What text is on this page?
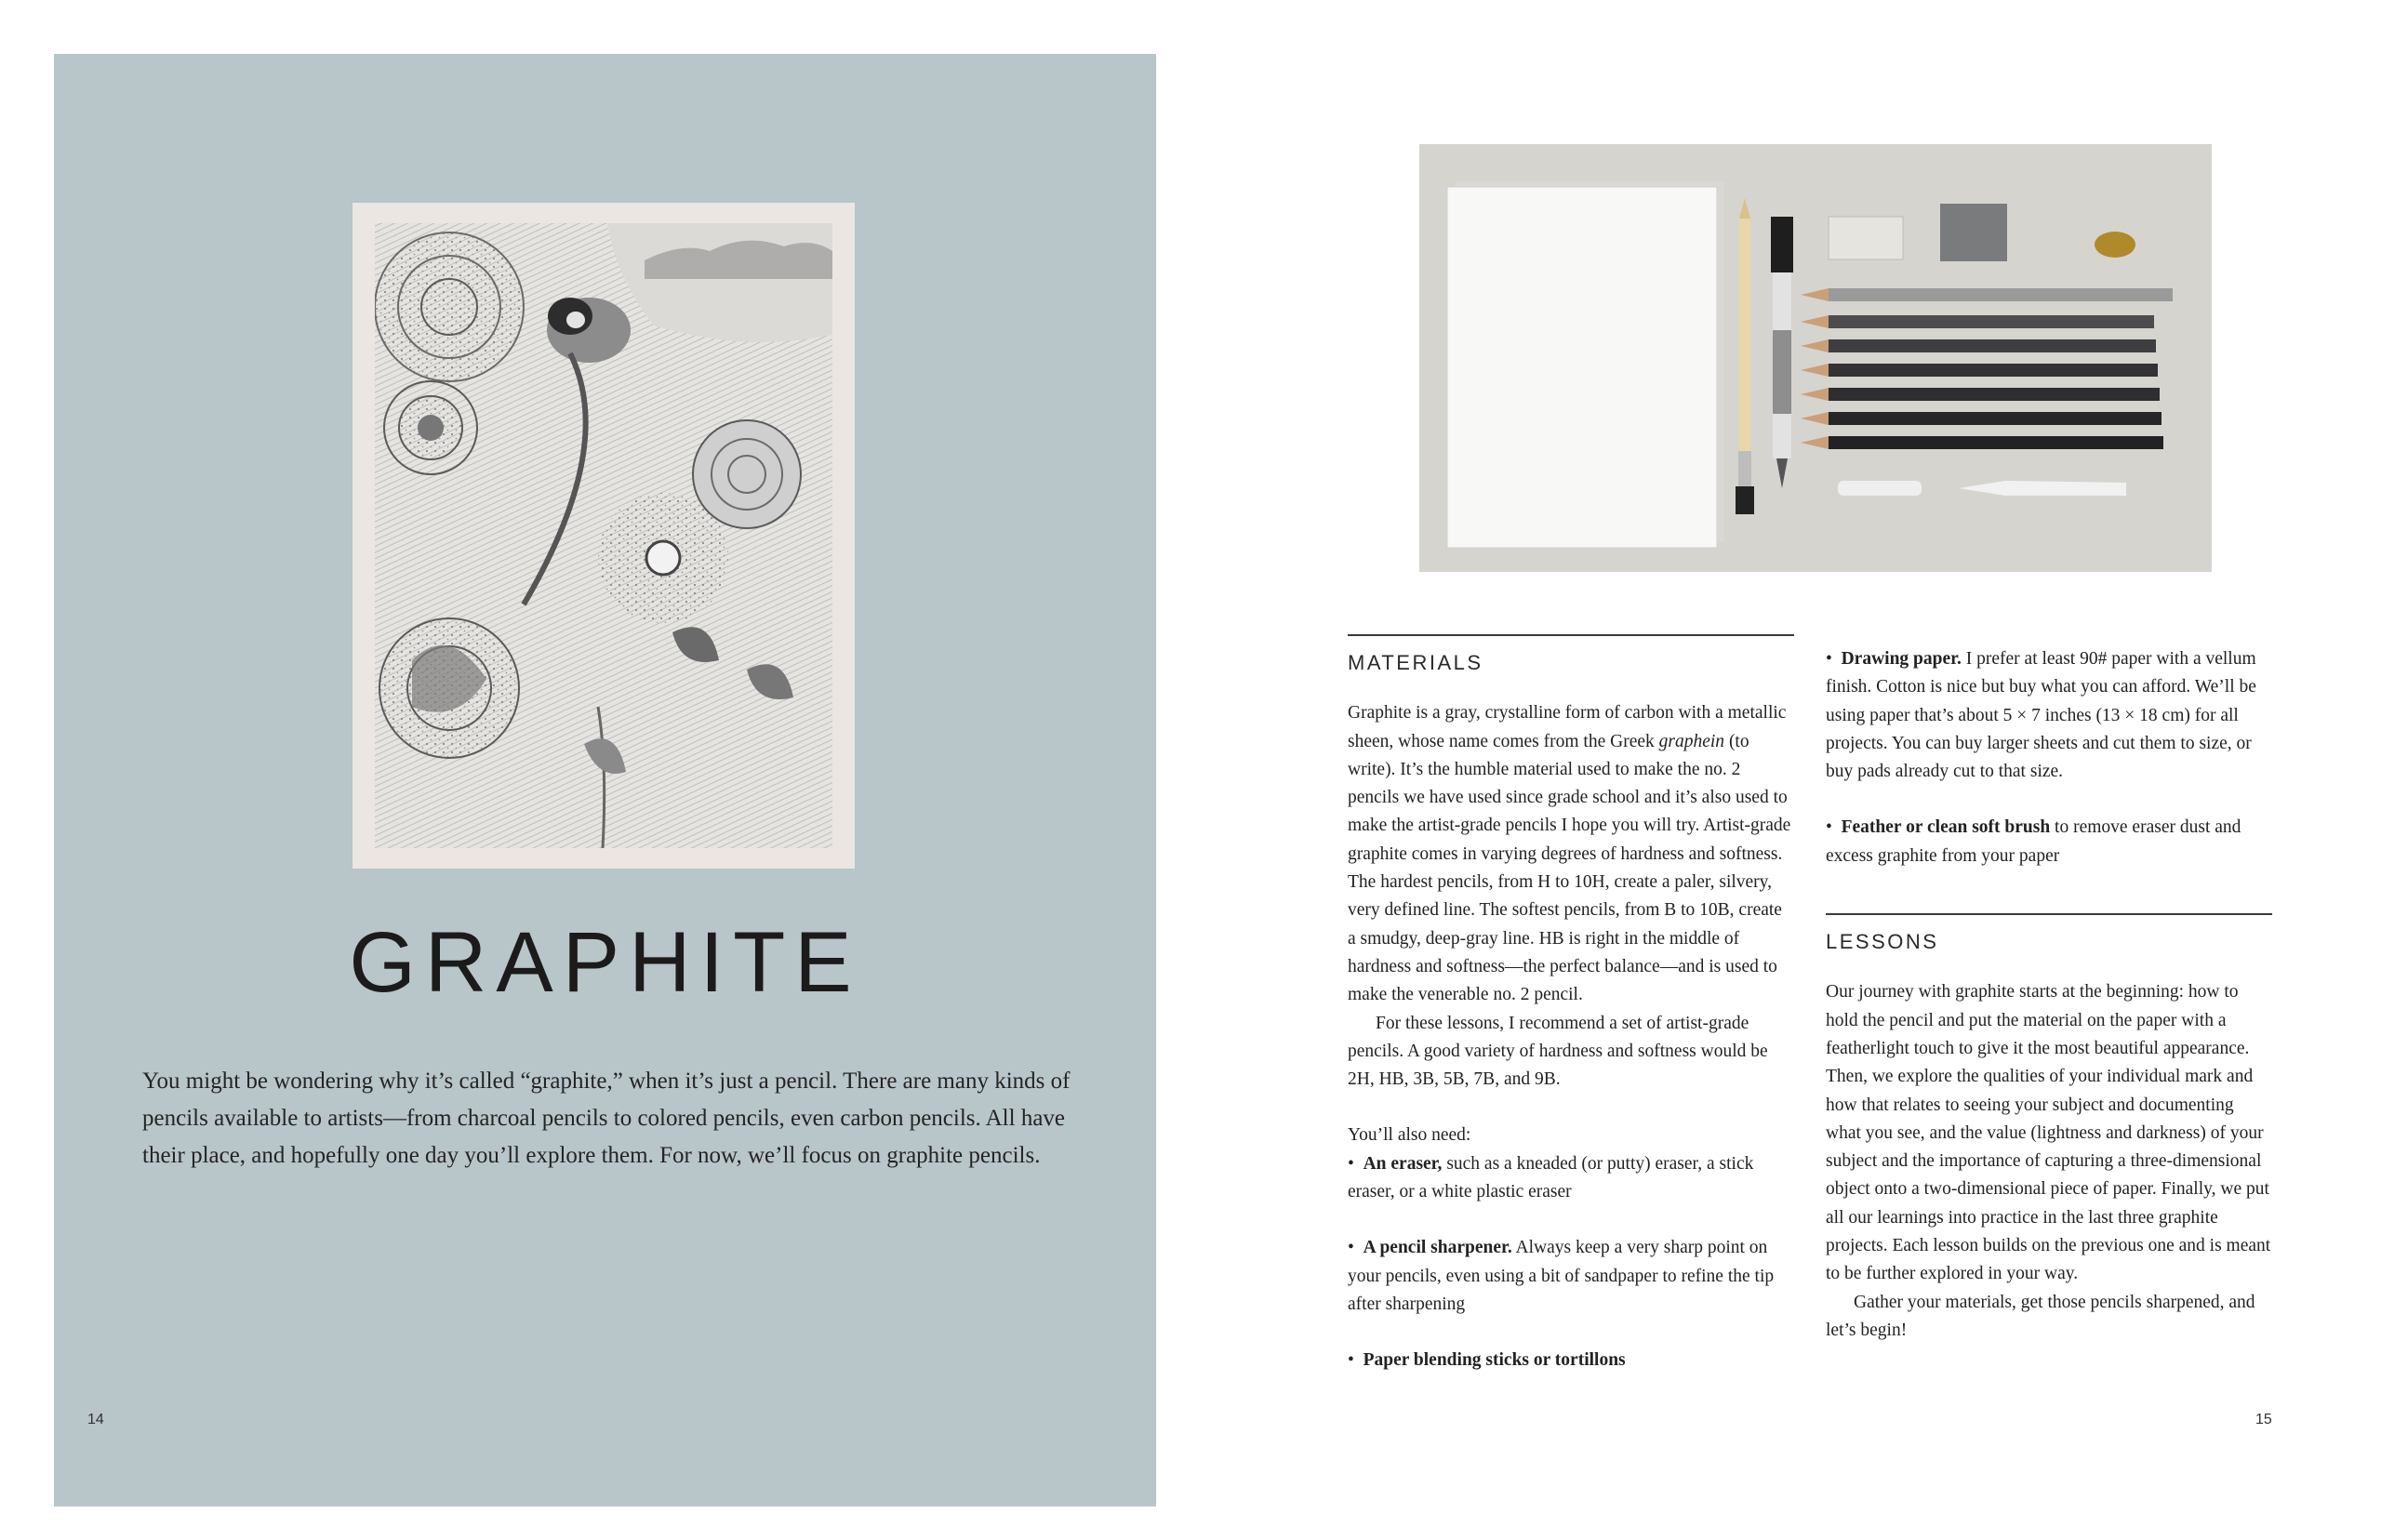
GRAPHITE

You might be wondering why it’s called “graphite,” when it’s just a pencil. There are many kinds of pencils available to artists—from charcoal pencils to colored pencils, even carbon pencils. All have their place, and hopefully one day you’ll explore them. For now, we’ll focus on graphite pencils.

14
MATERIALS

Graphite is a gray, crystalline form of carbon with a metallic sheen, whose name comes from the Greek graphein (to write). It’s the humble material used to make the no. 2 pencils we have used since grade school and it’s also used to make the artist-grade pencils I hope you will try. Artist-grade graphite comes in varying degrees of hardness and softness. The hardest pencils, from H to 10H, create a paler, silvery, very defined line. The softest pencils, from B to 10B, create a smudgy, deep-gray line. HB is right in the middle of hardness and softness—the perfect balance—and is used to make the venerable no. 2 pencil.

For these lessons, I recommend a set of artist-grade pencils. A good variety of hardness and softness would be 2H, HB, 3B, 5B, 7B, and 9B.

You’ll also need:

• An eraser, such as a kneaded (or putty) eraser, a stick eraser, or a white plastic eraser

• A pencil sharpener. Always keep a very sharp point on your pencils, even using a bit of sandpaper to refine the tip after sharpening

• Paper blending sticks or tortillons

• Drawing paper. I prefer at least 90# paper with a vellum finish. Cotton is nice but buy what you can afford. We’ll be using paper that’s about 5 × 7 inches (13 × 18 cm) for all projects. You can buy larger sheets and cut them to size, or buy pads already cut to that size.

• Feather or clean soft brush to remove eraser dust and excess graphite from your paper

LESSONS

Our journey with graphite starts at the beginning: how to hold the pencil and put the material on the paper with a featherlight touch to give it the most beautiful appearance. Then, we explore the qualities of your individual mark and how that relates to seeing your subject and documenting what you see, and the value (lightness and darkness) of your subject and the importance of capturing a three-dimensional object onto a two-dimensional piece of paper. Finally, we put all our learnings into practice in the last three graphite projects. Each lesson builds on the previous one and is meant to be further explored in your way.

Gather your materials, get those pencils sharpened, and let’s begin!

15
